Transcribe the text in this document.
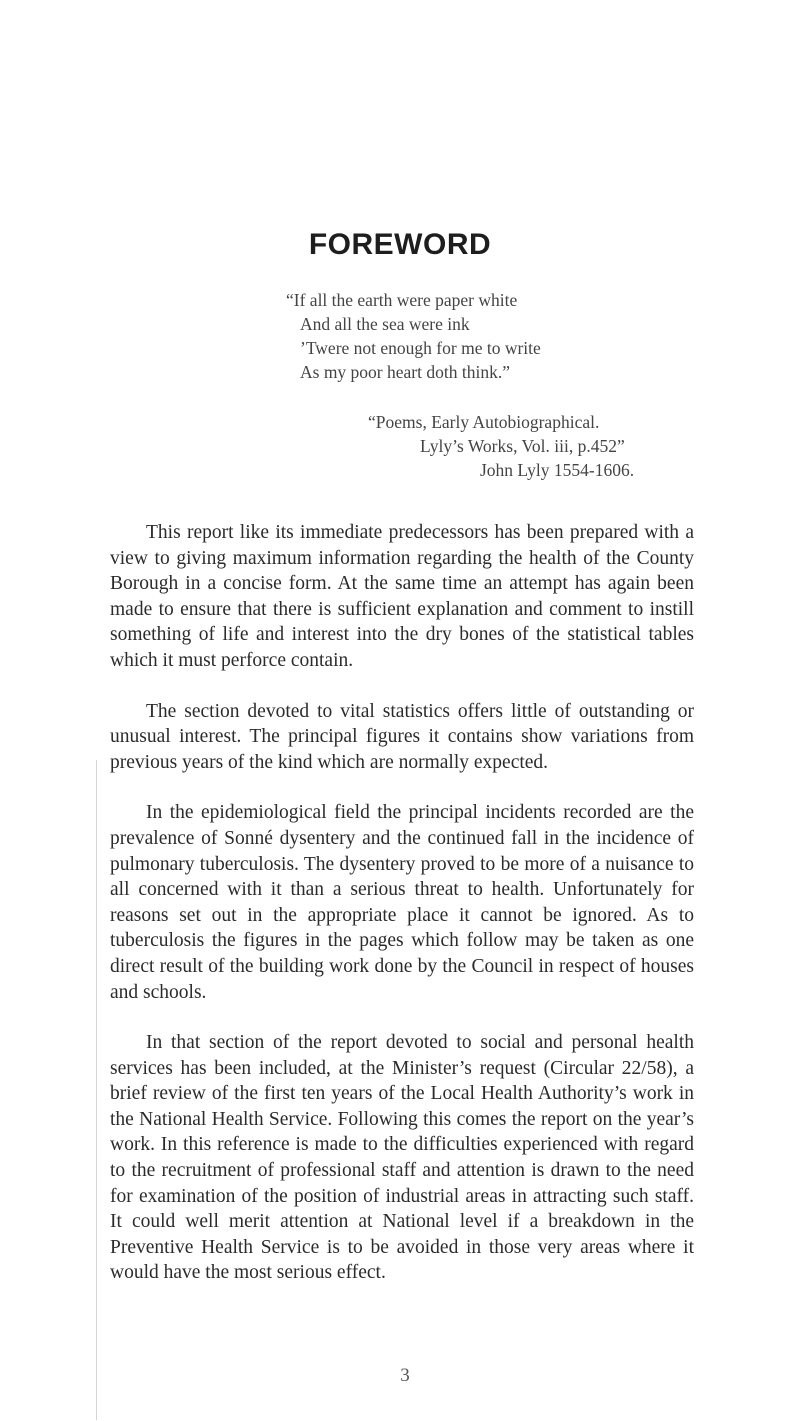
FOREWORD
“If all the earth were paper white
And all the sea were ink
’Twere not enough for me to write
As my poor heart doth think.”
“Poems, Early Autobiographical.
Lyly’s Works, Vol. iii, p.452”
John Lyly 1554-1606.

This report like its immediate predecessors has been prepared with a view to giving maximum information regarding the health of the County Borough in a concise form. At the same time an attempt has again been made to ensure that there is sufficient explanation and comment to instill something of life and interest into the dry bones of the statistical tables which it must perforce contain.

The section devoted to vital statistics offers little of outstanding or unusual interest. The principal figures it contains show variations from previous years of the kind which are normally expected.

In the epidemiological field the principal incidents recorded are the prevalence of Sonné dysentery and the continued fall in the incidence of pulmonary tuberculosis. The dysentery proved to be more of a nuisance to all concerned with it than a serious threat to health. Unfortunately for reasons set out in the appropriate place it cannot be ignored. As to tuberculosis the figures in the pages which follow may be taken as one direct result of the building work done by the Council in respect of houses and schools.

In that section of the report devoted to social and personal health services has been included, at the Minister’s request (Circular 22/58), a brief review of the first ten years of the Local Health Authority’s work in the National Health Service. Following this comes the report on the year’s work. In this reference is made to the difficulties experienced with regard to the recruitment of professional staff and attention is drawn to the need for examination of the position of industrial areas in attracting such staff. It could well merit attention at National level if a breakdown in the Preventive Health Service is to be avoided in those very areas where it would have the most serious effect.

3
